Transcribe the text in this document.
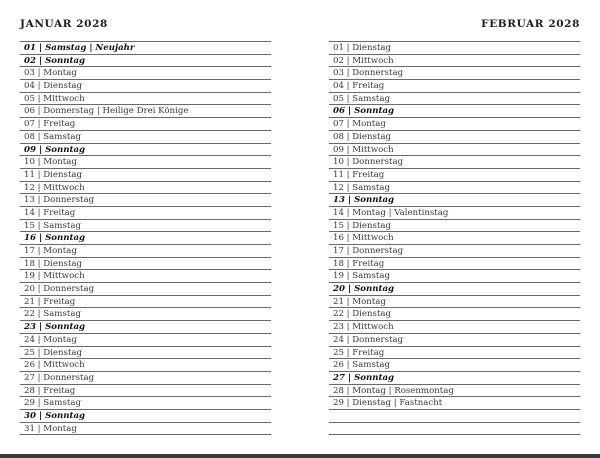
JANUAR 2028	FEBRUAR 2028
01 | Samstag | Neujahr
02 | Sonntag
03 | Montag
04 | Dienstag
05 | Mittwoch
06 | Donnerstag | Heilige Drei Könige
07 | Freitag
08 | Samstag
09 | Sonntag
10 | Montag
11 | Dienstag
12 | Mittwoch
13 | Donnerstag
14 | Freitag
15 | Samstag
16 | Sonntag
17 | Montag
18 | Dienstag
19 | Mittwoch
20 | Donnerstag
21 | Freitag
22 | Samstag
23 | Sonntag
24 | Montag
25 | Dienstag
26 | Mittwoch
27 | Donnerstag
28 | Freitag
29 | Samstag
30 | Sonntag
31 | Montag
01 | Dienstag
02 | Mittwoch
03 | Donnerstag
04 | Freitag
05 | Samstag
06 | Sonntag
07 | Montag
08 | Dienstag
09 | Mittwoch
10 | Donnerstag
11 | Freitag
12 | Samstag
13 | Sonntag
14 | Montag | Valentinstag
15 | Dienstag
16 | Mittwoch
17 | Donnerstag
18 | Freitag
19 | Samstag
20 | Sonntag
21 | Montag
22 | Dienstag
23 | Mittwoch
24 | Donnerstag
25 | Freitag
26 | Samstag
27 | Sonntag
28 | Montag | Rosenmontag
29 | Dienstag | Fastnacht
